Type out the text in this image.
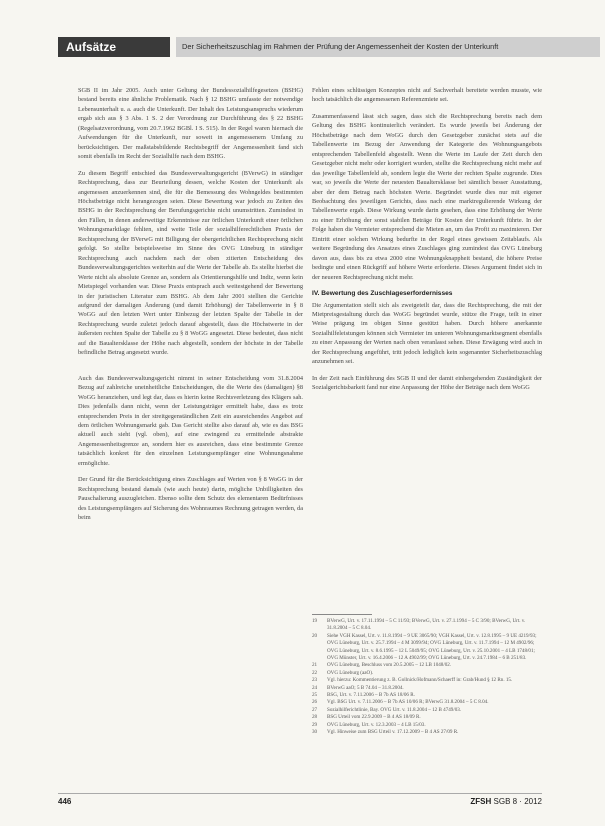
Aufsätze	Der Sicherheitszuschlag im Rahmen der Prüfung der Angemessenheit der Kosten der Unterkunft

SGB II im Jahr 2005. Auch unter Geltung der Bundessozialhilfegesetzes (BSHG) bestand bereits eine ähnliche Problematik. Nach § 12 BSHG umfasste der notwendige Lebensunterhalt u. a. auch die Unterkunft. Der Inhalt des Leistungsanspruchs wiederum ergab sich aus § 3 Abs. 1 S. 2 der Verordnung zur Durchführung des § 22 BSHG (Regelsatzverordnung, vom 20.7.1962 BGBl. I S. 515). In der Regel waren hiernach die Aufwendungen für die Unterkunft, nur soweit in angemessenem Umfang zu berücksichtigen. Der maßstabsbildende Rechtsbegriff der Angemessenheit fand sich somit ebenfalls im Recht der Sozialhilfe nach dem BSHG.

Zu diesem Begriff entschied das Bundesverwaltungsgericht (BVerwG) in ständiger Rechtsprechung, dass zur Beurteilung dessen, welche Kosten der Unterkunft als angemessen anzuerkennen sind, die für die Bemessung des Wohngeldes bestimmten Höchstbeträge nicht herangezogen seien. Diese Bewertung war jedoch zu Zeiten des BSHG in der Rechtsprechung der Berufungsgerichte nicht unumstritten. Zumindest in den Fällen, in denen anderweitige Erkenntnisse zur örtlichen Unterkunft einer örtlichen Wohnungsmarktlage fehlten, sind weite Teile der sozialhilferechtlichen Praxis der Rechtsprechung der BVerwG mit Billigung der obergerichtlichen Rechtsprechung nicht gefolgt. So stellte beispielsweise im Sinne des OVG Lüneburg in ständiger Rechtsprechung auch nachdem nach der oben zitierten Entscheidung des Bundesverwaltungsgerichtes weiterhin auf die Werte der Tabelle ab. Es stellte hierbei die Werte nicht als absolute Grenze an, sondern als Orientierungshilfe und Indiz, wenn kein Mietspiegel vorhanden war. Diese Praxis entsprach auch weitestgehend der Bewertung in der juristischen Literatur zum BSHG. Ab dem Jahr 2001 stellten die Gerichte aufgrund der damaligen Änderung (und damit Erhöhung) der Tabellenwerte in § 8 WoGG auf den letzten Wert unter Einbezug der letzten Spalte der Tabelle in der Rechtsprechung wurde zuletzt jedoch darauf abgestellt, dass die Höchstwerte in der äußersten rechten Spalte der Tabelle zu § 8 WoGG angesetzt. Diese bedeutet, dass nicht auf die Baualtersklasse der Höhe nach abgestellt, sondern der höchste in der Tabelle befindliche Betrag angesetzt wurde.

Auch das Bundesverwaltungsgericht nimmt in seiner Entscheidung vom 31.8.2004 Bezug auf zahlreiche uneinheitliche Entscheidungen, die die Werte des (damaligen) §8 WoGG heranziehen, und legt dar, dass es hierin keine Rechtsverletzung des Klägers sah. Dies jedenfalls dann nicht, wenn der Leistungsträger ermittelt habe, dass es trotz entsprechenden Preis in der streitgegenständlichen Zeit ein ausreichendes Angebot auf dem örtlichen Wohnungsmarkt gab. Das Gericht stellte also darauf ab, wie es das BSG aktuell auch sieht (vgl. oben), auf eine zwingend zu ermittelnde abstrakte Angemessenheitsgrenze an, sondern hier es ausreichen, dass eine bestimmte Grenze tatsächlich konkret für den einzelnen Leistungsempfänger eine Wohnungsnahme ermöglichte.

Der Grund für die Berücksichtigung eines Zuschlages auf Werten von § 8 WoGG in der Rechtsprechung bestand damals (wie auch heute) darin, mögliche Unbilligkeiten des Pauschalierung auszugleichen. Ebenso sollte dem Schutz des elementaren Bedürfnisses des Leistungsempfängers auf Sicherung des Wohnraumes Rechnung getragen werden, da beim

Fehlen eines schlüssigen Konzeptes nicht auf Sachverhalt bereitete werden musste, wie hoch tatsächlich die angemessenen Referenzmiete sei.

Zusammenfassend lässt sich sagen, dass sich die Rechtsprechung bereits nach dem Geltung des BSHG kontinuierlich verändert. Es wurde jeweils bei Änderung der Höchstbeträge nach dem WoGG durch den Gesetzgeber zunächst stets auf die Tabellenwerte im Bezug der Anwendung der Kategorie des Wohnungsangebots entsprechenden Tabellenfeld abgestellt. Wenn die Werte im Laufe der Zeit durch den Gesetzgeber nicht mehr oder korrigiert wurden, stellte die Rechtsprechung nicht mehr auf das jeweilige Tabellenfeld ab, sondern legte die Werte der rechten Spalte zugrunde. Dies war, so jeweils die Werte der neuesten Baualtersklasse bei sämtlich besser Ausstattung, aber der dem Betrag nach höchsten Werte. Begründet wurde dies nur mit eigener Beobachtung des jeweiligen Gerichts, dass nach eine marktregulierende Wirkung der Tabellenwerte ergab. Diese Wirkung wurde darin gesehen, dass eine Erhöhung der Werte zu einer Erhöhung der sonst stabilen Beträge für Kosten der Unterkunft führte. In der Folge haben die Vermieter entsprechend die Mieten an, um das Profit zu maximieren. Der Eintritt einer solchen Wirkung bedurfte in der Regel eines gewissen Zeitablaufs. Als weitere Begründung des Ansatzes eines Zuschlages ging zumindest das OVG Lüneburg davon aus, dass bis zu etwa 2000 eine Wohnungsknappheit bestand, die höhere Preise bedingte und einen Rückgriff auf höhere Werte erforderte. Dieses Argument findet sich in der neueren Rechtsprechung nicht mehr.

IV. Bewertung des Zuschlageserfordernisses

Die Argumentation stellt sich als zweigeteilt dar, dass die Rechtsprechung, die mit der Mietpreisgestaltung durch das WoGG begründet wurde, stütze die Frage, teilt in einer Weise prägung im obigen Sinne gestützt haben. Durch höhere anerkannte Sozialhilfeleistungen können sich Vermieter im unteren Wohnungsmarktsegment ebenfalls zu einer Anpassung der Werten nach oben veranlasst sehen. Diese Erwägung wird auch in der Rechtsprechung angeführt, tritt jedoch lediglich kein sogenannter Sicherheitszuschlag anzunehmen sei.

In der Zeit nach Einführung des SGB II und der damit einhergehenden Zuständigkeit der Sozialgerichtsbarkeit fand nur eine Anpassung der Höhe der Beträge nach dem WoGG

19	BVerwG, Urt. v. 17.11.1994 – 5 C 11/93; BVerwG, Urt. v. 27.1.1994 – 5 C 3/90; BVerwG, Urt. v. 31.8.2004 – 5 C 8.04.
20	Siehe VGH Kassel, Urt. v. 11.8.1994 – 9 UE 3065/90; VGH Kassel, Urt. v. 12.8.1995 – 9 UE 4219/93; OVG Lüneburg, Urt. v. 25.7.1994 – 4 M 3099/94; OVG Lüneburg, Urt. v. 11.7.1994 – 12 M 4902/96; OVG Lüneburg, Urt. v. 8.6.1995 – 12 L 5049/95; OVG Lüneburg, Urt. v. 25.10.2001 – 4 LB 1748/01; OVG Münster, Urt. v. 16.4.2006 – 12 A 4902/99; OVG Lüneburg, Urt. v. 24.7.1984 – 6 B 251/83.
21	OVG Lüneburg, Beschluss vom 20.5.2005 – 12 LB 1048/02.
22	OVG Lüneburg (aaO).
23	Vgl. hierzu: Kommentierung z. B. Gollnick/Hofmann/Schaerff in: Grab/Hund § 12 Rn. 15.
24	BVerwG aaO; 5 B 74.04 – 31.8.2004.
25	BSG, Urt. v. 7.11.2006 – B 7b AS 18/06 R.
26	Vgl. BSG Urt. v. 7.11.2006 – B 7b AS 10/06 R; BVerwG 31.8.2004 – 5 C 8.04.
27	Sozialhilferichtlinie, Bay. OVG Urt. v. 11.8.2004 – 12 B 4749/03.
28	BSG Urteil vom 22.9.2009 – B 4 AS 18/09 R.
29	OVG Lüneburg, Urt. v. 12.3.2003 – 4 LB 15/03.
30	Vgl. Hinweise zum BSG Urteil v. 17.12.2009 – B 4 AS 27/09 R.
446	ZFSH SGB 8 · 2012
